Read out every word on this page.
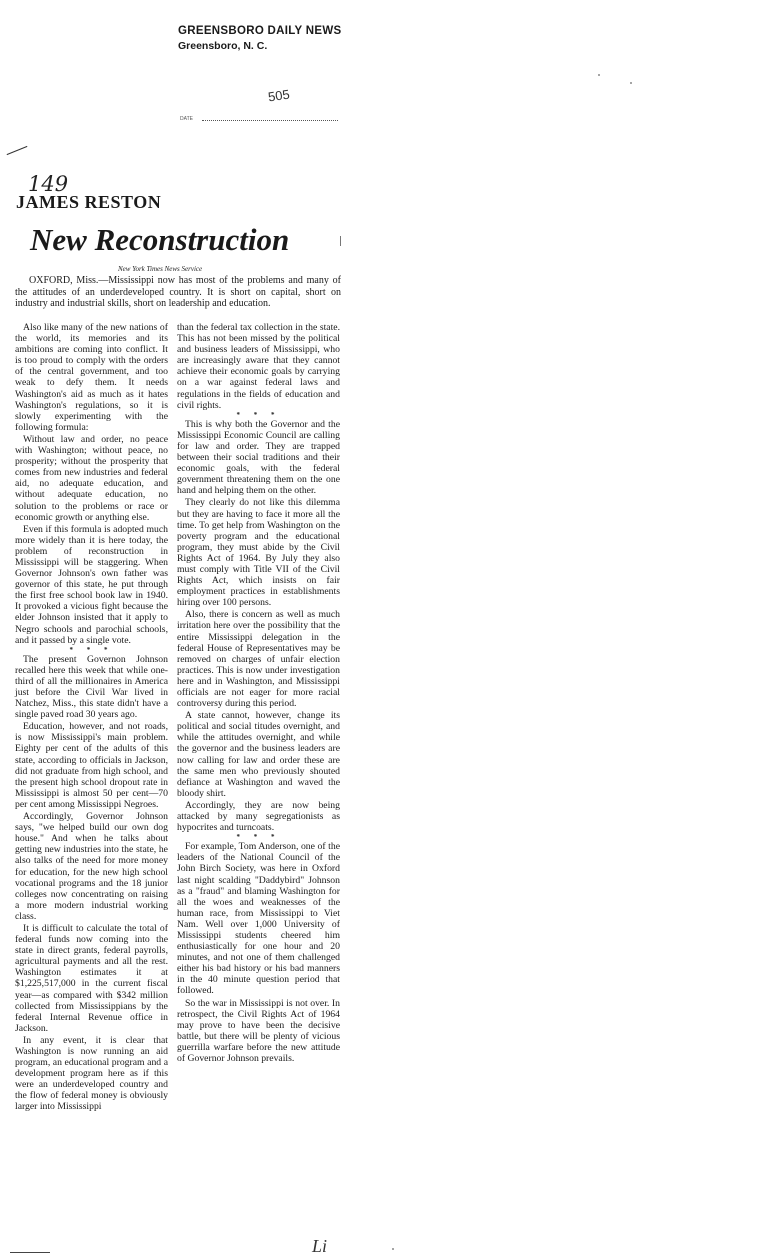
GREENSBORO DAILY NEWS
Greensboro, N. C.
505
DATE
149
JAMES RESTON
New Reconstruction
New York Times News Service

OXFORD, Miss.—Mississippi now has most of the problems and many of the attitudes of an underdeveloped country. It is short on capital, short on industry and industrial skills, short on leadership and education.

Also like many of the new nations of the world, its memories and its ambitions are coming into conflict. It is too proud to comply with the orders of the central government, and too weak to defy them. It needs Washington's aid as much as it hates Washington's regulations, so it is slowly experimenting with the following formula:

Without law and order, no peace with Washington; without peace, no prosperity; without the prosperity that comes from new industries and federal aid, no adequate education, and without adequate education, no solution to the problems or race or economic growth or anything else.

Even if this formula is adopted much more widely than it is here today, the problem of reconstruction in Mississippi will be staggering. When Governor Johnson's own father was governor of this state, he put through the first free school book law in 1940. It provoked a vicious fight because the elder Johnson insisted that it apply to Negro schools and parochial schools, and it passed by a single vote.

* * *

The present Governon Johnson recalled here this week that while one-third of all the millionaires in America just before the Civil War lived in Natchez, Miss., this state didn't have a single paved road 30 years ago.

Education, however, and not roads, is now Mississippi's main problem. Eighty per cent of the adults of this state, according to officials in Jackson, did not graduate from high school, and the present high school dropout rate in Mississippi is almost 50 per cent—70 per cent among Mississippi Negroes.

Accordingly, Governor Johnson says, "we helped build our own dog house." And when he talks about getting new industries into the state, he also talks of the need for more money for education, for the new high school vocational programs and the 18 junior colleges now concentrating on raising a more modern industrial working class.

It is difficult to calculate the total of federal funds now coming into the state in direct grants, federal payrolls, agricultural payments and all the rest. Washington estimates it at $1,225,517,000 in the current fiscal year—as compared with $342 million collected from Mississippians by the federal Internal Revenue office in Jackson.

In any event, it is clear that Washington is now running an aid program, an educational program and a development program here as if this were an underdeveloped country and the flow of federal money is obviously larger into Mississippi

than the federal tax collection in the state. This has not been missed by the political and business leaders of Mississippi, who are increasingly aware that they cannot achieve their economic goals by carrying on a war against federal laws and regulations in the fields of education and civil rights.

* * *

This is why both the Governor and the Mississippi Economic Council are calling for law and order. They are trapped between their social traditions and their economic goals, with the federal government threatening them on the one hand and helping them on the other.

They clearly do not like this dilemma but they are having to face it more all the time. To get help from Washington on the poverty program and the educational program, they must abide by the Civil Rights Act of 1964. By July they also must comply with Title VII of the Civil Rights Act, which insists on fair employment practices in establishments hiring over 100 persons.

Also, there is concern as well as much irritation here over the possibility that the entire Mississippi delegation in the federal House of Representatives may be removed on charges of unfair election practices. This is now under investigation here and in Washington, and Mississippi officials are not eager for more racial controversy during this period.

A state cannot, however, change its political and social titudes overnight, and while the attitudes overnight, and while the governor and the business leaders are now calling for law and order these are the same men who previously shouted defiance at Washington and waved the bloody shirt.

Accordingly, they are now being attacked by many segregationists as hypocrites and turncoats.

* * *

For example, Tom Anderson, one of the leaders of the National Council of the John Birch Society, was here in Oxford last night scalding "Daddybird" Johnson as a "fraud" and blaming Washington for all the woes and weaknesses of the human race, from Mississippi to Viet Nam. Well over 1,000 University of Mississippi students cheered him enthusiastically for one hour and 20 minutes, and not one of them challenged either his bad history or his bad manners in the 40 minute question period that followed.

So the war in Mississippi is not over. In retrospect, the Civil Rights Act of 1964 may prove to have been the decisive battle, but there will be plenty of vicious guerrilla warfare before the new attitude of Governor Johnson prevails.

Li
